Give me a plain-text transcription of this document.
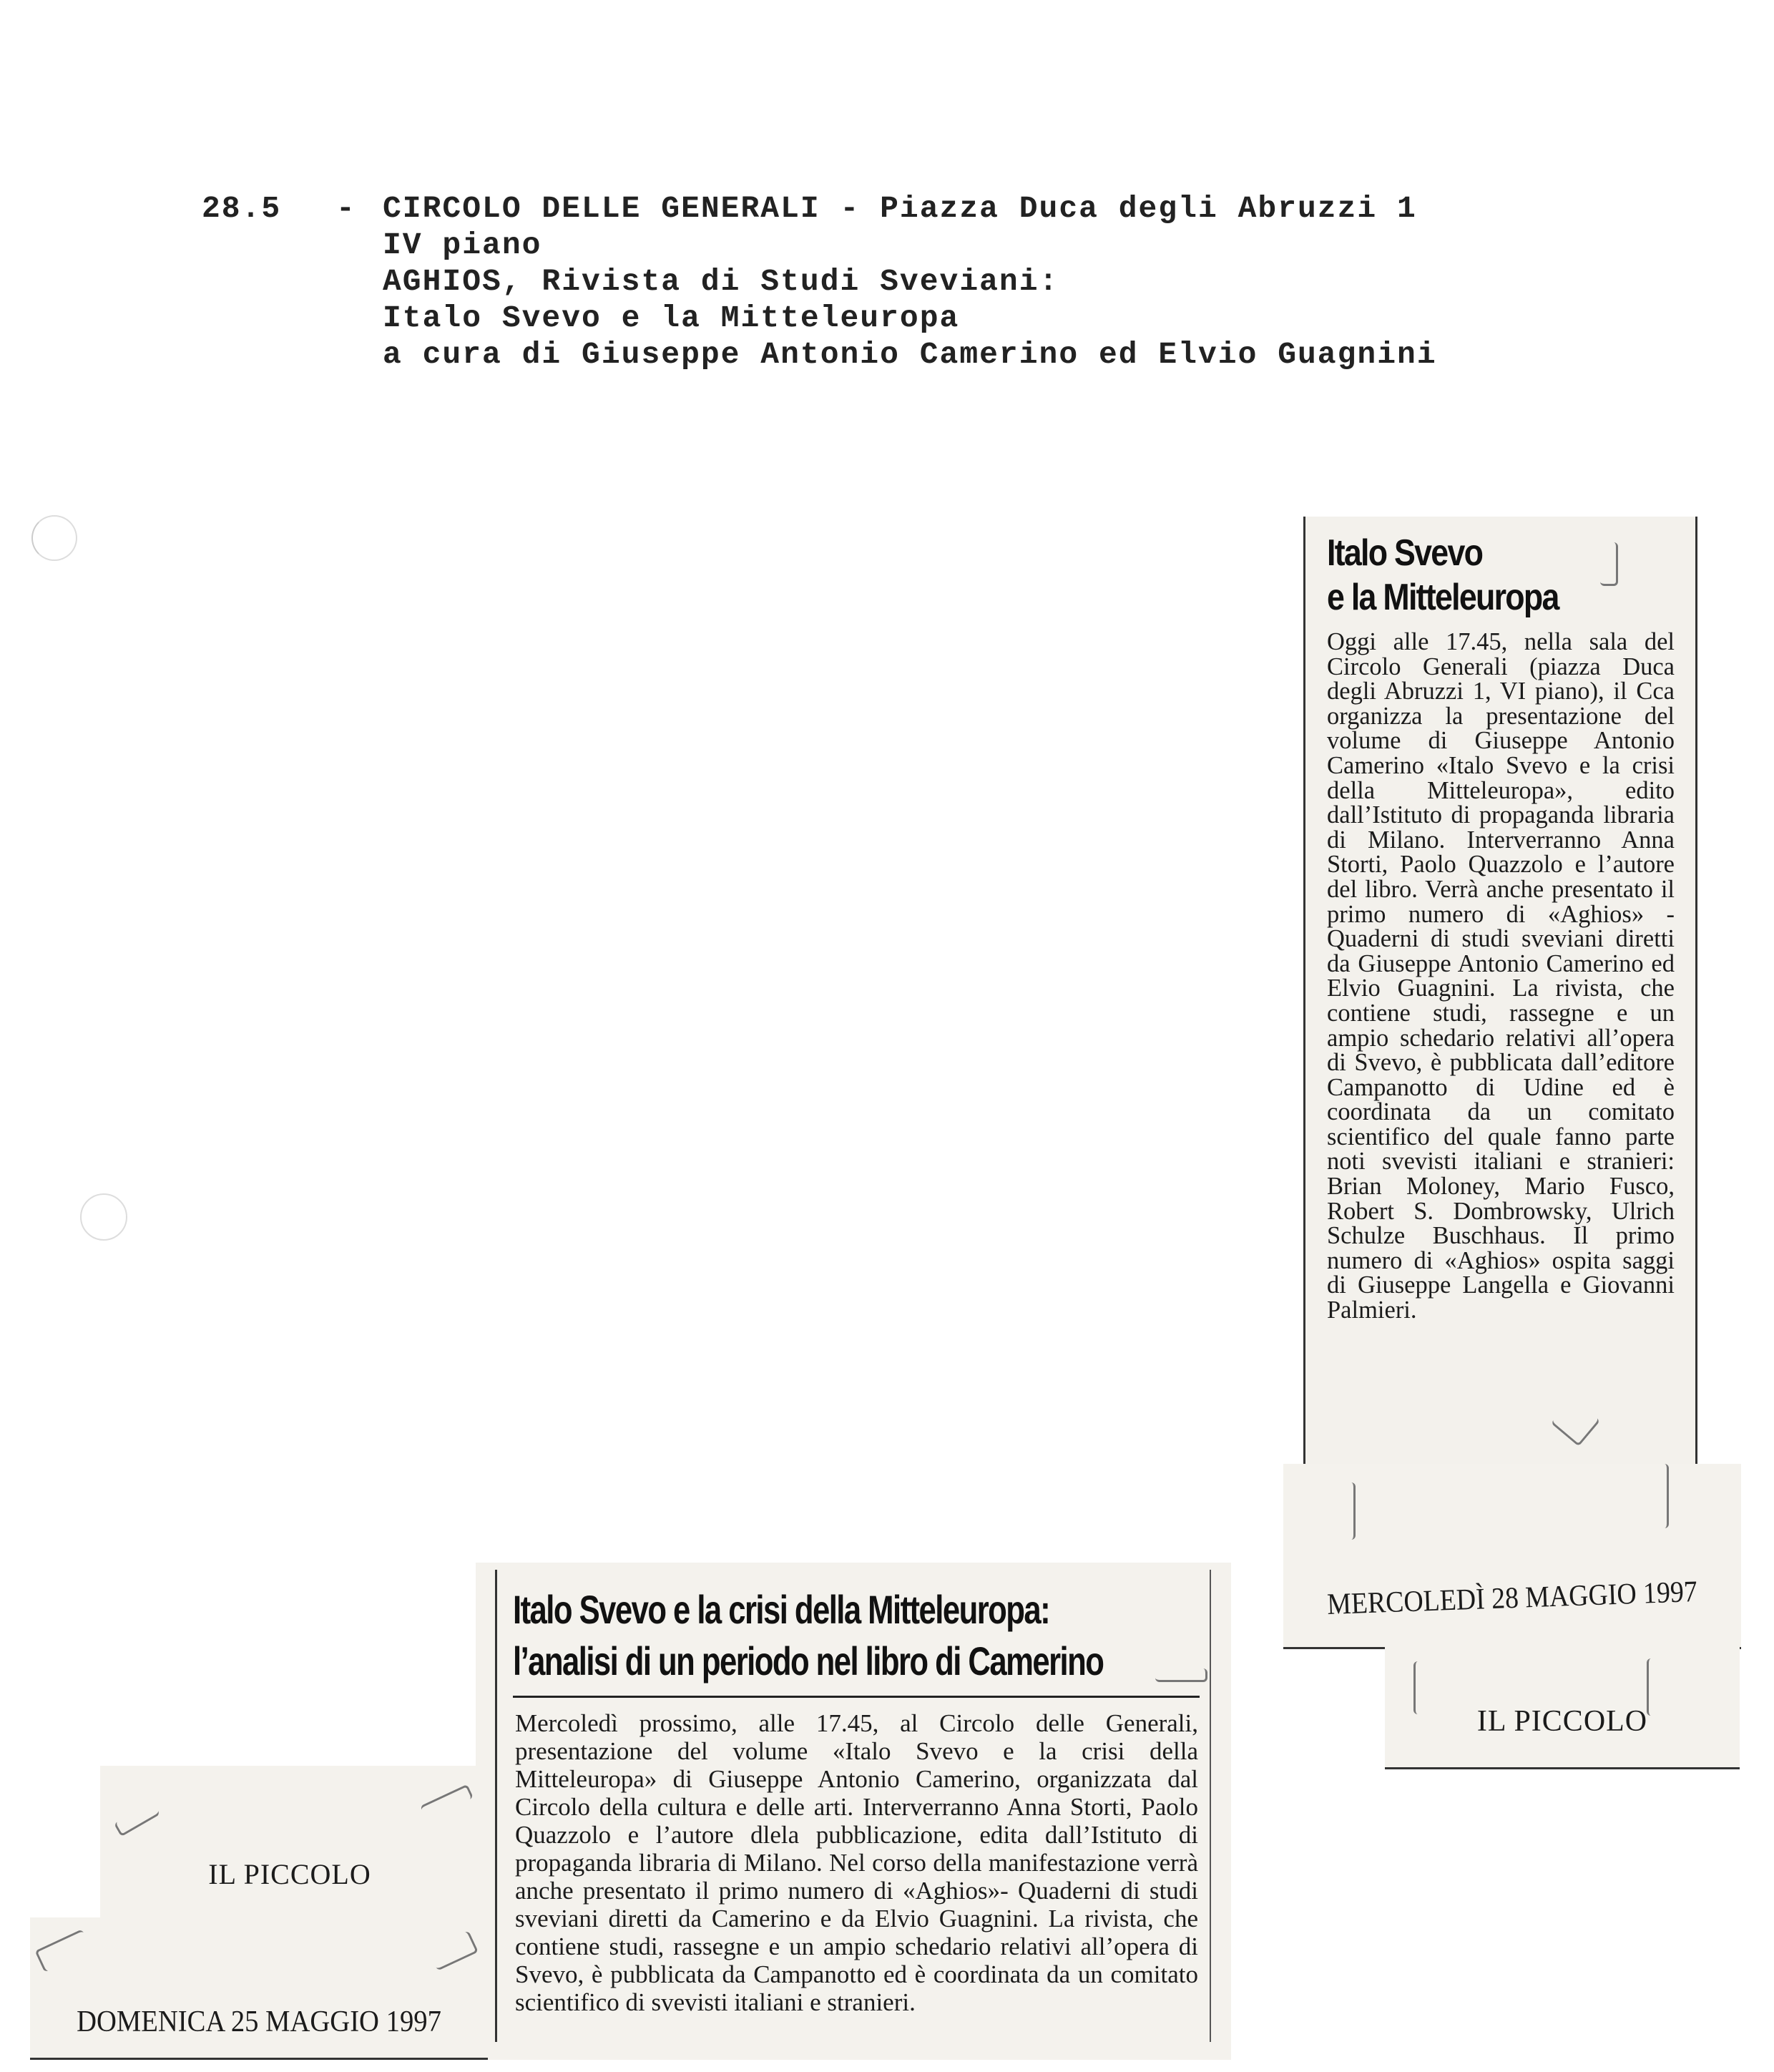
28.5 - CIRCOLO DELLE GENERALI - Piazza Duca degli Abruzzi 1
IV piano
AGHIOS, Rivista di Studi Sveviani:
Italo Svevo e la Mitteleuropa
a cura di Giuseppe Antonio Camerino ed Elvio Guagnini
Italo Svevo
e la Mitteleuropa

Oggi alle 17.45, nella sala del Circolo Generali (piazza Duca degli Abruzzi 1, VI piano), il Cca organizza la presentazione del volume di Giuseppe Antonio Camerino «Italo Svevo e la crisi della Mitteleuropa», edito dall’Istituto di propaganda libraria di Milano. Interverranno Anna Storti, Paolo Quazzolo e l’autore del libro. Verrà anche presentato il primo numero di «Aghios» - Quaderni di studi sveviani diretti da Giuseppe Antonio Camerino ed Elvio Guagnini. La rivista, che contiene studi, rassegne e un ampio schedario relativi all’opera di Svevo, è pubblicata dall’editore Campanotto di Udine ed è coordinata da un comitato scientifico del quale fanno parte noti svevisti italiani e stranieri: Brian Moloney, Mario Fusco, Robert S. Dombrowsky, Ulrich Schulze Buschhaus. Il primo numero di «Aghios» ospita saggi di Giuseppe Langella e Giovanni Palmieri.

MERCOLEDÌ 28 MAGGIO 1997
IL PICCOLO
Italo Svevo e la crisi della Mitteleuropa:
l’analisi di un periodo nel libro di Camerino

Mercoledì prossimo, alle 17.45, al Circolo delle Generali, presentazione del volume «Italo Svevo e la crisi della Mitteleuropa» di Giuseppe Antonio Camerino, organizzata dal Circolo della cultura e delle arti. Interverranno Anna Storti, Paolo Quazzolo e l’autore dlela pubblicazione, edita dall’Istituto di propaganda libraria di Milano. Nel corso della manifestazione verrà anche presentato il primo numero di «Aghios»- Quaderni di studi sveviani diretti da Camerino e da Elvio Guagnini. La rivista, che contiene studi, rassegne e un ampio schedario relativi all’opera di Svevo, è pubblicata da Campanotto ed è coordinata da un comitato scientifico di svevisti italiani e stranieri.

IL PICCOLO
DOMENICA 25 MAGGIO 1997
